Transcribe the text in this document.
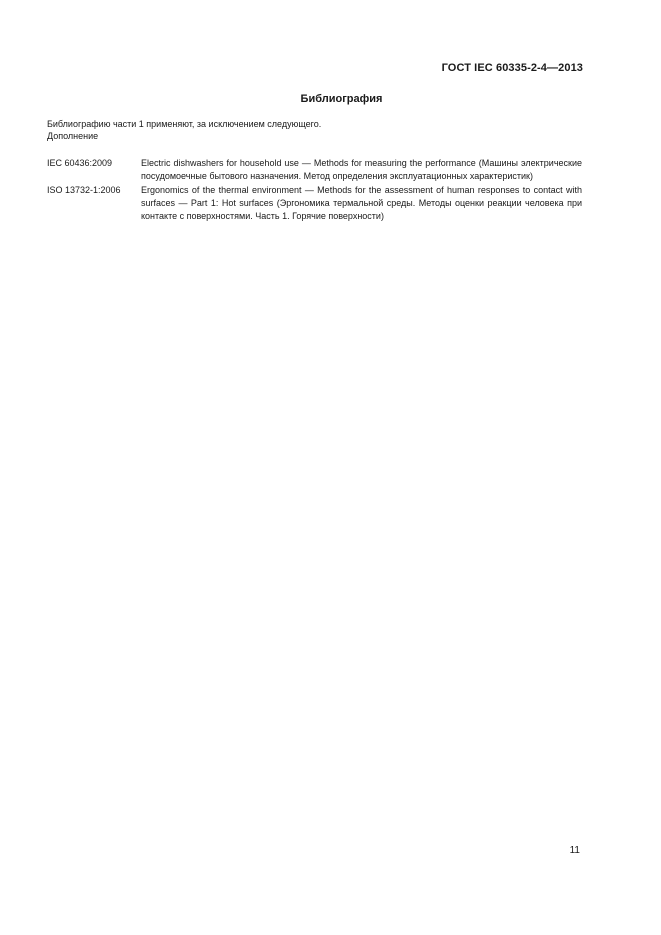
ГОСТ IEC 60335-2-4—2013
Библиография
Библиографию части 1 применяют, за исключением следующего.
Дополнение
IEC 60436:2009	Electric dishwashers for household use — Methods for measuring the performance (Машины электрические посудомоечные бытового назначения. Метод определения эксплуатационных характеристик)
ISO 13732-1:2006	Ergonomics of the thermal environment — Methods for the assessment of human responses to contact with surfaces — Part 1: Hot surfaces (Эргономика термальной среды. Методы оценки реакции человека при контакте с поверхностями. Часть 1. Горячие поверхности)
11
